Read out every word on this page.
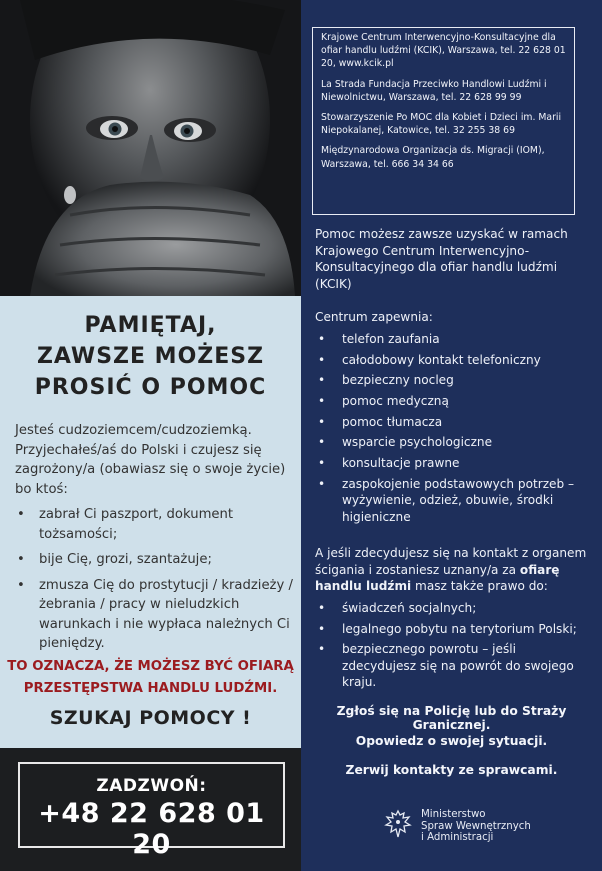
PAMIĘTAJ,
ZAWSZE MOŻESZ
PROSIĆ O POMOC
Jesteś cudzoziemcem/cudzoziemką. Przyjechałeś/aś do Polski i czujesz się zagrożony/a (obawiasz się o swoje życie) bo ktoś:
• zabrał Ci paszport, dokument tożsamości;
• bije Cię, grozi, szantażuje;
• zmusza Cię do prostytucji / kradzieży / żebrania / pracy w nieludzkich warunkach i nie wypłaca należnych Ci pieniędzy.
TO OZNACZA, ŻE MOŻESZ BYĆ OFIARĄ
PRZESTĘPSTWA HANDLU LUDŹMI.
SZUKAJ POMOCY !
ZADZWOŃ:
+48 22 628 01 20
Krajowe Centrum Interwencyjno-Konsultacyjne dla ofiar handlu ludźmi (KCIK), Warszawa, tel. 22 628 01 20, www.kcik.pl
La Strada Fundacja Przeciwko Handlowi Ludźmi i Niewolnictwu, Warszawa, tel. 22 628 99 99
Stowarzyszenie Po MOC dla Kobiet i Dzieci im. Marii Niepokalanej, Katowice, tel. 32 255 38 69
Międzynarodowa Organizacja ds. Migracji (IOM), Warszawa, tel. 666 34 34 66
Pomoc możesz zawsze uzyskać w ramach Krajowego Centrum Interwencyjno-Konsultacyjnego dla ofiar handlu ludźmi (KCIK)
Centrum zapewnia:
• telefon zaufania
• całodobowy kontakt telefoniczny
• bezpieczny nocleg
• pomoc medyczną
• pomoc tłumacza
• wsparcie psychologiczne
• konsultacje prawne
• zaspokojenie podstawowych potrzeb – wyżywienie, odzież, obuwie, środki higieniczne
A jeśli zdecydujesz się na kontakt z organem ścigania i zostaniesz uznany/a za ofiarę handlu ludźmi masz także prawo do:
• świadczeń socjalnych;
• legalnego pobytu na terytorium Polski;
• bezpiecznego powrotu – jeśli zdecydujesz się na powrót do swojego kraju.
Zgłoś się na Policję lub do Straży Granicznej.
Opowiedz o swojej sytuacji.
Zerwij kontakty ze sprawcami.
Ministerstwo
Spraw Wewnętrznych
i Administracji
